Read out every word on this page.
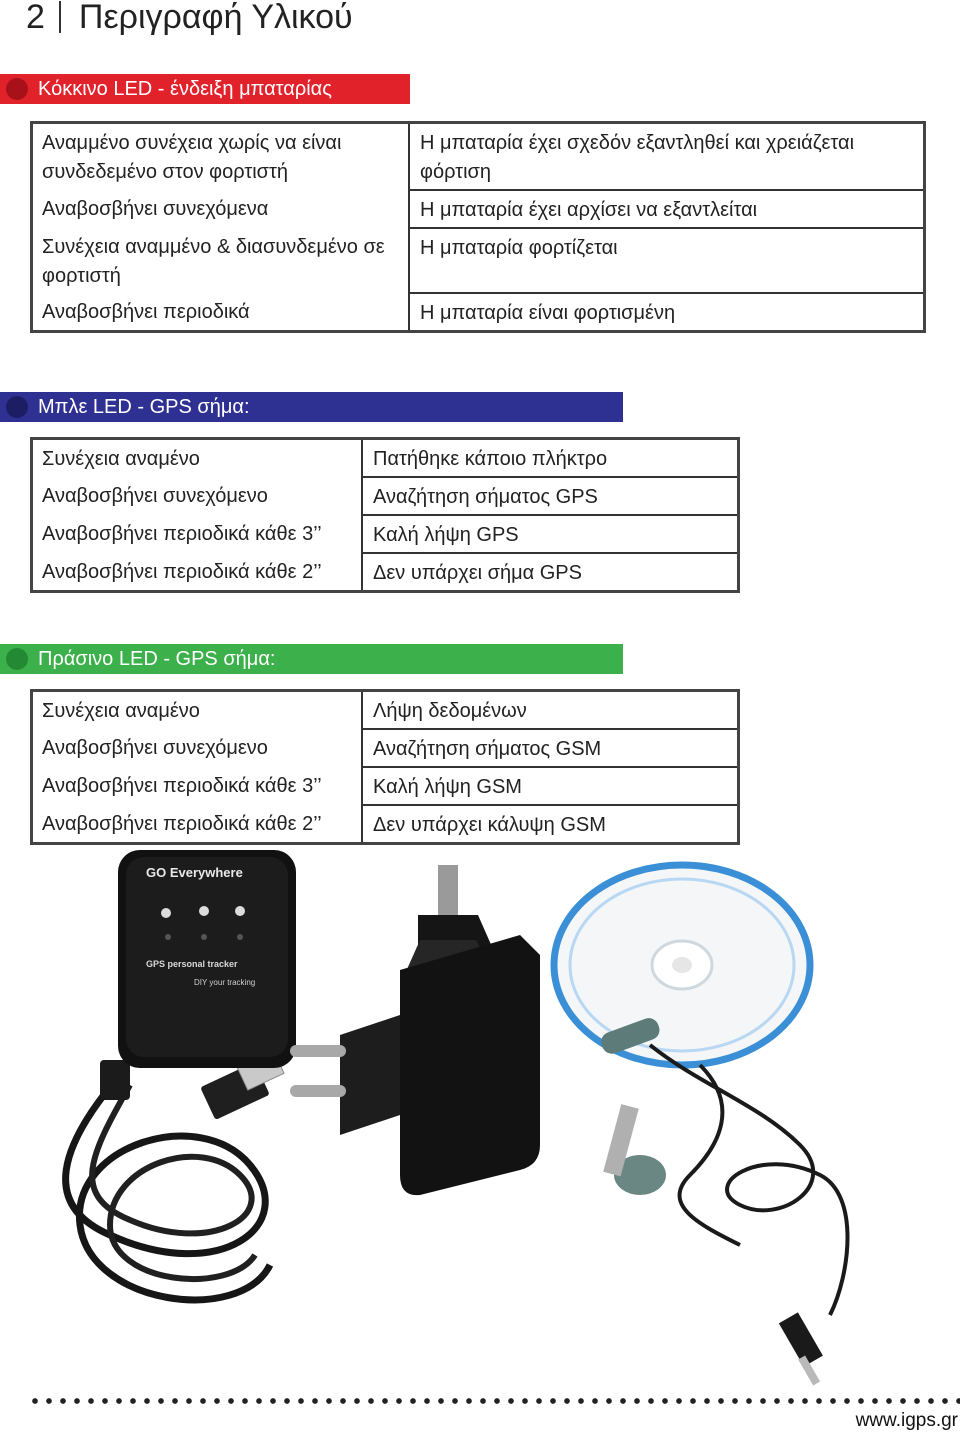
2 Περιγραφή Υλικού
Κόκκινο LED - ένδειξη μπαταρίας
Αναμμένο συνέχεια χωρίς να είναι συνδεδεμένο στον φορτιστή	Η μπαταρία έχει σχεδόν εξαντληθεί και χρειάζεται φόρτιση
Αναβοσβήνει συνεχόμενα	Η μπαταρία έχει αρχίσει να εξαντλείται
Συνέχεια αναμμένο & διασυνδεμένο σε φορτιστή	Η μπαταρία φορτίζεται
Αναβοσβήνει περιοδικά	Η μπαταρία είναι φορτισμένη
Μπλε LED - GPS σήμα:
Συνέχεια αναμένο	Πατήθηκε κάποιο πλήκτρο
Αναβοσβήνει συνεχόμενο	Αναζήτηση σήματος GPS
Αναβοσβήνει περιοδικά κάθε 3’’	Καλή λήψη GPS
Αναβοσβήνει περιοδικά κάθε 2’’	Δεν υπάρχει σήμα GPS
Πράσινο LED - GPS σήμα:
Συνέχεια αναμένο	Λήψη δεδομένων
Αναβοσβήνει συνεχόμενο	Αναζήτηση σήματος GSM
Αναβοσβήνει περιοδικά κάθε 3’’	Καλή λήψη GSM
Αναβοσβήνει περιοδικά κάθε 2’’	Δεν υπάρχει κάλυψη GSM
GO Everywhere
GPS personal tracker
DIY your tracking
www.igps.gr
